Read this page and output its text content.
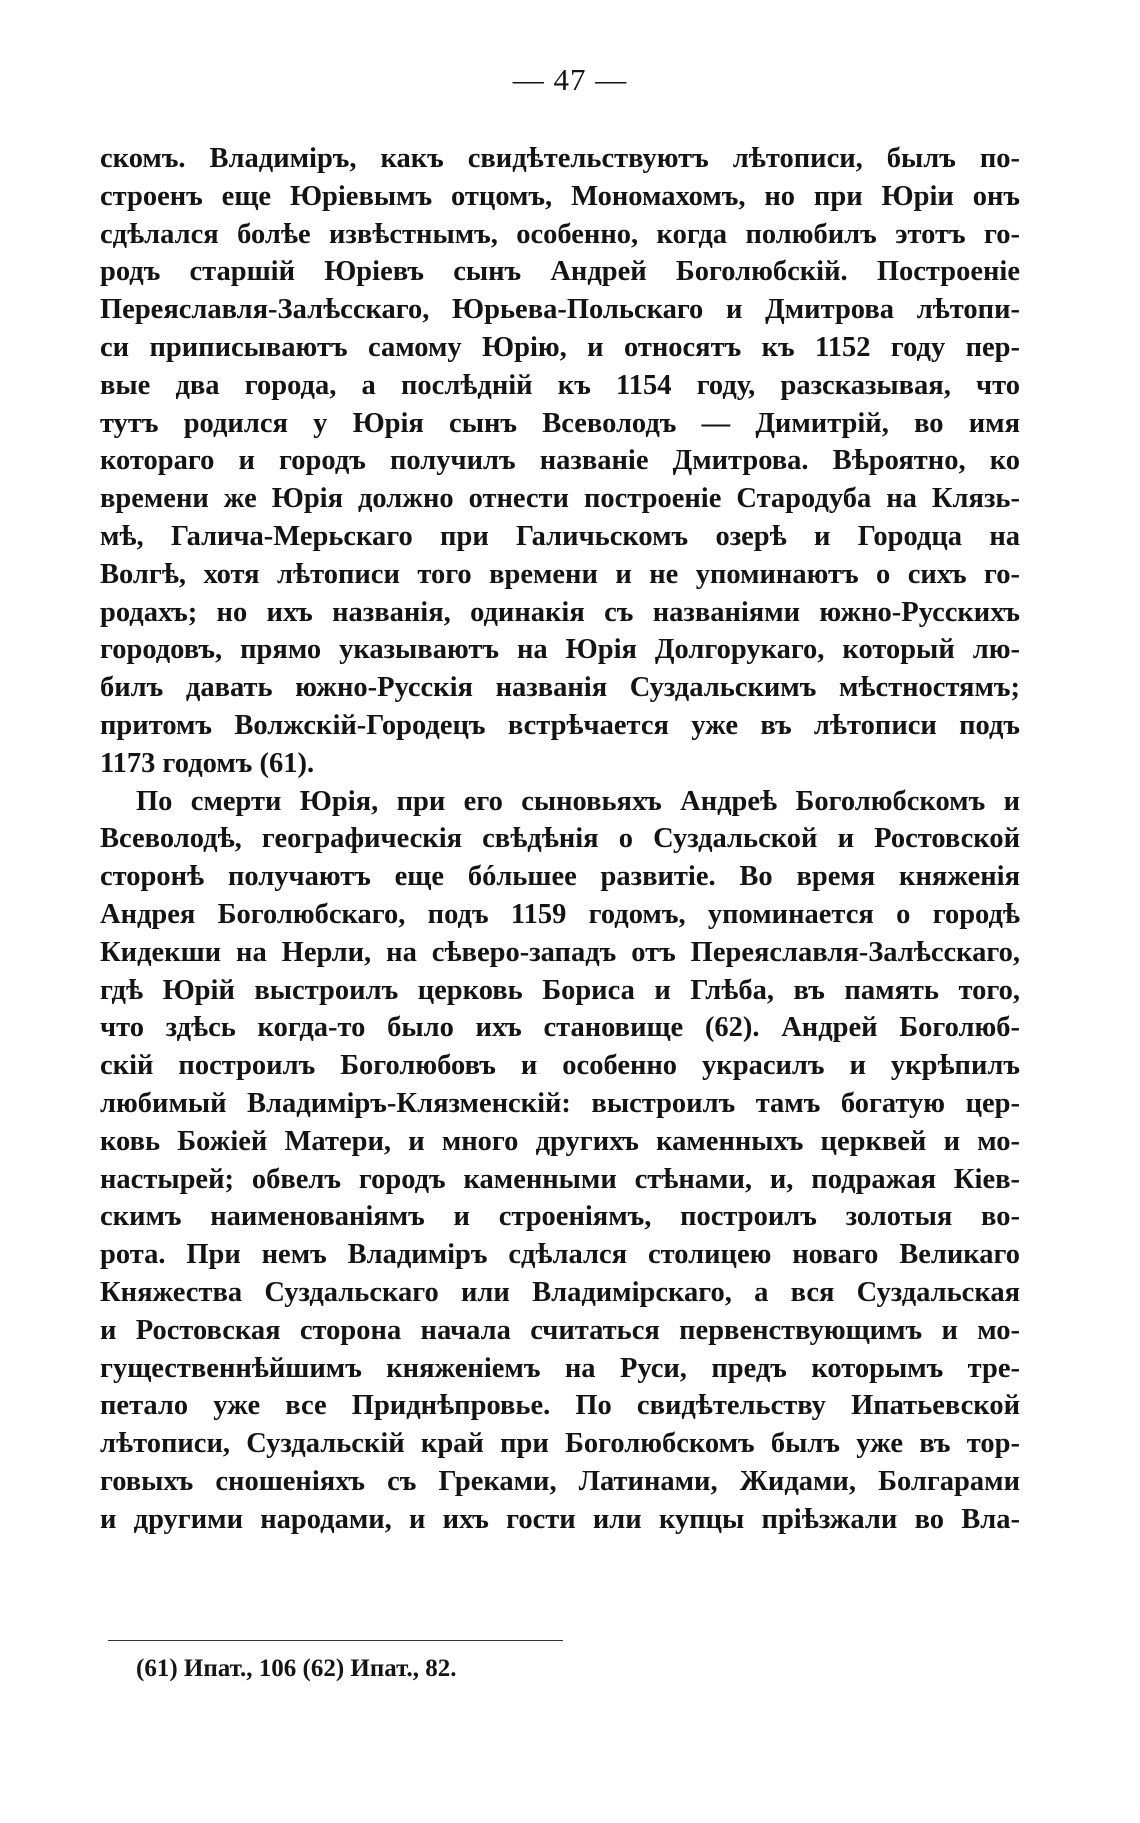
— 47 —
скомъ. Владиміръ, какъ свидѣтельствуютъ лѣтописи, былъ по-
строенъ еще Юріевымъ отцомъ, Мономахомъ, но при Юріи онъ
сдѣлался болѣе извѣстнымъ, особенно, когда полюбилъ этотъ го-
родъ старшій Юріевъ сынъ Андрей Боголюбскій. Построеніе
Переяславля-Залѣсскаго, Юрьева-Польскаго и Дмитрова лѣтопи-
си приписываютъ самому Юрію, и относятъ къ 1152 году пер-
вые два города, а послѣдній къ 1154 году, разсказывая, что
тутъ родился у Юрія сынъ Всеволодъ — Димитрій, во имя
котораго и городъ получилъ названіе Дмитрова. Вѣроятно, ко
времени же Юрія должно отнести построеніе Стародуба на Клязь-
мѣ, Галича-Мерьскаго при Галичьскомъ озерѣ и Городца на
Волгѣ, хотя лѣтописи того времени и не упоминаютъ о сихъ го-
родахъ; но ихъ названія, одинакія съ названіями южно-Русскихъ
городовъ, прямо указываютъ на Юрія Долгорукаго, который лю-
билъ давать южно-Русскія названія Суздальскимъ мѣстностямъ;
притомъ Волжскій-Городецъ встрѣчается уже въ лѣтописи подъ
1173 годомъ (61).
По смерти Юрія, при его сыновьяхъ Андреѣ Боголюбскомъ и
Всеволодѣ, географическія свѣдѣнія о Суздальской и Ростовской
сторонѣ получаютъ еще бóльшее развитіе. Во время княженія
Андрея Боголюбскаго, подъ 1159 годомъ, упоминается о городѣ
Кидекши на Нерли, на сѣверо-западъ отъ Переяславля-Залѣсскаго,
гдѣ Юрій выстроилъ церковь Бориса и Глѣба, въ память того,
что здѣсь когда-то было ихъ становище (62). Андрей Боголюб-
скій построилъ Боголюбовъ и особенно украсилъ и укрѣпилъ
любимый Владиміръ-Клязменскій: выстроилъ тамъ богатую цер-
ковь Божіей Матери, и много другихъ каменныхъ церквей и мо-
настырей; обвелъ городъ каменными стѣнами, и, подражая Кіев-
скимъ наименованіямъ и строеніямъ, построилъ золотыя во-
рота. При немъ Владиміръ сдѣлался столицею новаго Великаго
Княжества Суздальскаго или Владимірскаго, а вся Суздальская
и Ростовская сторона начала считаться первенствующимъ и мо-
гущественнѣйшимъ княженіемъ на Руси, предъ которымъ тре-
петало уже все Приднѣпровье. По свидѣтельству Ипатьевской
лѣтописи, Суздальскій край при Боголюбскомъ былъ уже въ тор-
говыхъ сношеніяхъ съ Греками, Латинами, Жидами, Болгарами
и другими народами, и ихъ гости или купцы пріѣзжали во Вла-
(61) Ипат., 106 (62) Ипат., 82.
